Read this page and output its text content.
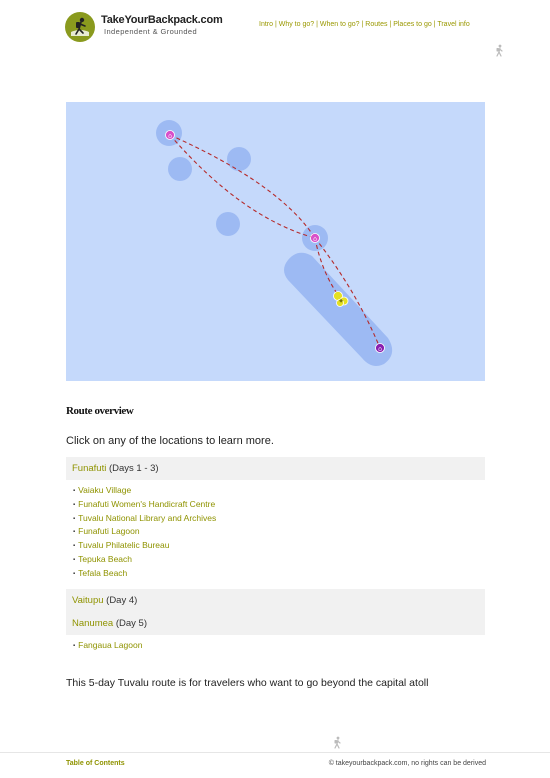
TakeYourBackpack.com
Independent & Grounded
Intro | Why to go? | When to go? | Routes | Places to go | Travel info
⌂
⌂
⌂
◆
Route overview
Click on any of the locations to learn more.
Funafuti (Days 1 - 3)
▪ Vaiaku Village
▪ Funafuti Women's Handicraft Centre
▪ Tuvalu National Library and Archives
▪ Funafuti Lagoon
▪ Tuvalu Philatelic Bureau
▪ Tepuka Beach
▪ Tefala Beach
Vaitupu (Day 4)
Nanumea (Day 5)
▪ Fangaua Lagoon
This 5-day Tuvalu route is for travelers who want to go beyond the capital atoll
Table of Contents	© takeyourbackpack.com, no rights can be derived
